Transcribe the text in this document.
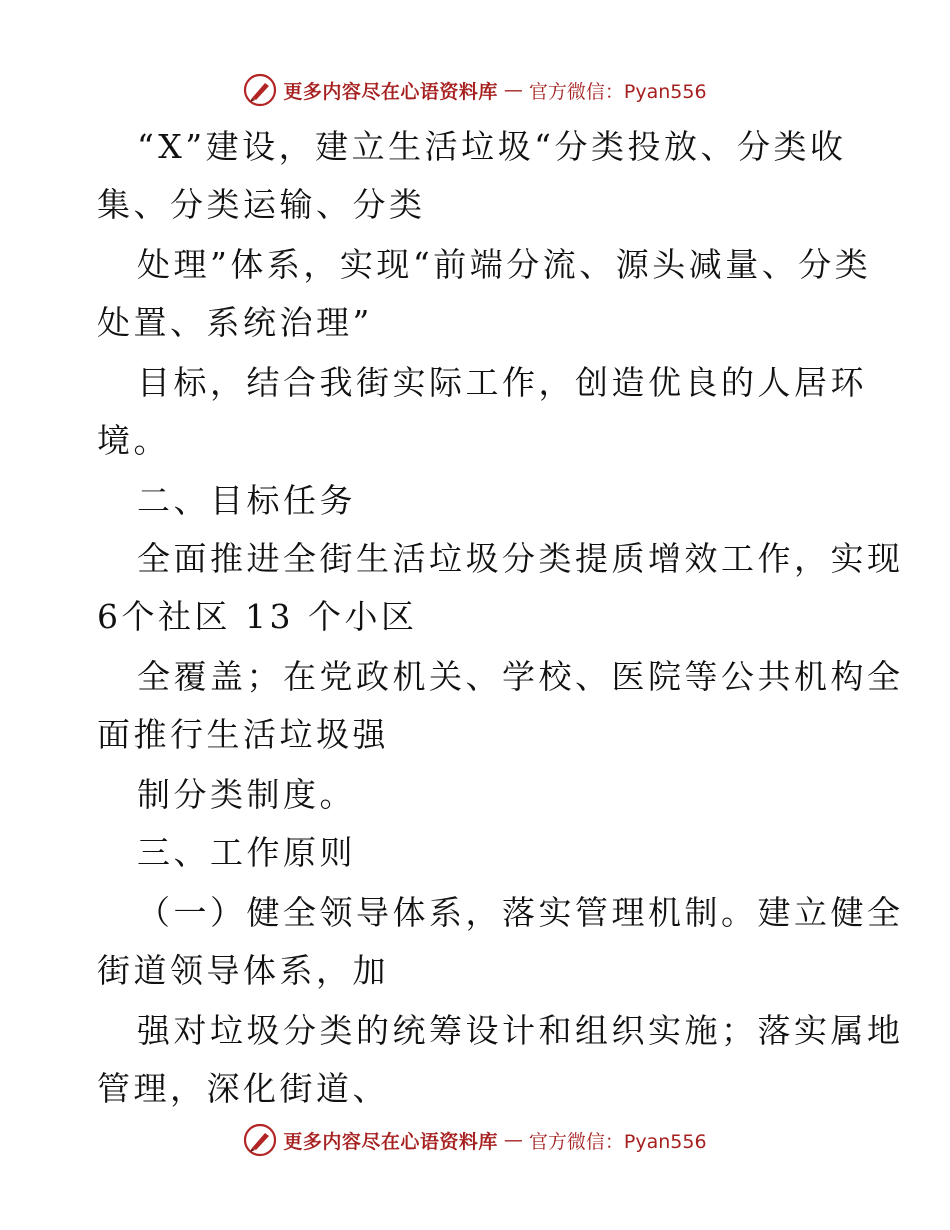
更多内容尽在心语资料库 — 官方微信：Pyan556
“X”建设，建立生活垃圾“分类投放、分类收
集、分类运输、分类
处理”体系，实现“前端分流、源头减量、分类
处置、系统治理”
目标，结合我街实际工作，创造优良的人居环
境。
二、目标任务
全面推进全街生活垃圾分类提质增效工作，实现
6个社区 13 个小区
全覆盖；在党政机关、学校、医院等公共机构全
面推行生活垃圾强
制分类制度。
三、工作原则
（一）健全领导体系，落实管理机制。建立健全
街道领导体系，加
强对垃圾分类的统筹设计和组织实施；落实属地
管理，深化街道、
更多内容尽在心语资料库 — 官方微信：Pyan556
